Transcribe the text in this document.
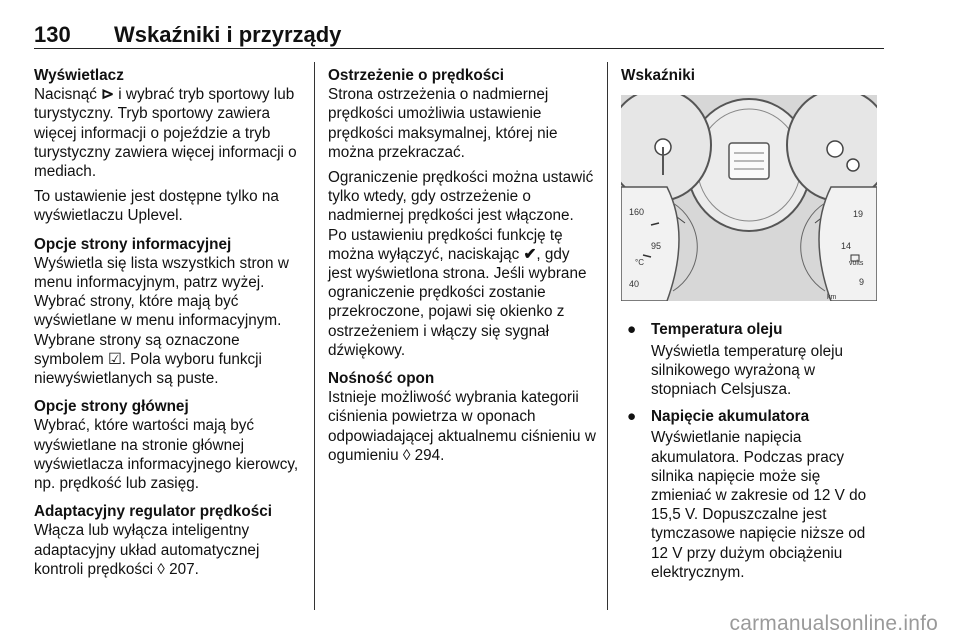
130 Wskaźniki i przyrządy
Wyświetlacz

Nacisnąć ⊳ i wybrać tryb sportowy lub turystyczny. Tryb sportowy zawiera więcej informacji o pojeździe a tryb turystyczny zawiera więcej informacji o mediach.

To ustawienie jest dostępne tylko na wyświetlaczu Uplevel.

Opcje strony informacyjnej

Wyświetla się lista wszystkich stron w menu informacyjnym, patrz wyżej. Wybrać strony, które mają być wyświetlane w menu informacyjnym. Wybrane strony są oznaczone symbolem ☑. Pola wyboru funkcji niewyświetlanych są puste.

Opcje strony głównej

Wybrać, które wartości mają być wyświetlane na stronie głównej wyświetlacza informacyjnego kierowcy, np. prędkość lub zasięg.

Adaptacyjny regulator prędkości

Włącza lub wyłącza inteligentny adaptacyjny układ automatycznej kontroli prędkości ◊ 207.

Ostrzeżenie o prędkości

Strona ostrzeżenia o nadmiernej prędkości umożliwia ustawienie prędkości maksymalnej, której nie można przekraczać.

Ograniczenie prędkości można ustawić tylko wtedy, gdy ostrzeżenie o nadmiernej prędkości jest włączone. Po ustawieniu prędkości funkcję tę można wyłączyć, naciskając ✔, gdy jest wyświetlona strona. Jeśli wybrane ograniczenie prędkości zostanie przekroczone, pojawi się okienko z ostrzeżeniem i włączy się sygnał dźwiękowy.

Nośność opon

Istnieje możliwość wybrania kategorii ciśnienia powietrza w oponach odpowiadającej aktualnemu ciśnieniu w ogumieniu ◊ 294.

Wskaźniki
160
95
°C
40
19
14
volts
9
km
● Temperatura oleju

Wyświetla temperaturę oleju silnikowego wyrażoną w stopniach Celsjusza.

● Napięcie akumulatora

Wyświetlanie napięcia akumulatora. Podczas pracy silnika napięcie może się zmieniać w zakresie od 12 V do 15,5 V. Dopuszczalne jest tymczasowe napięcie niższe od 12 V przy dużym obciążeniu elektrycznym.

carmanualsonline.info
